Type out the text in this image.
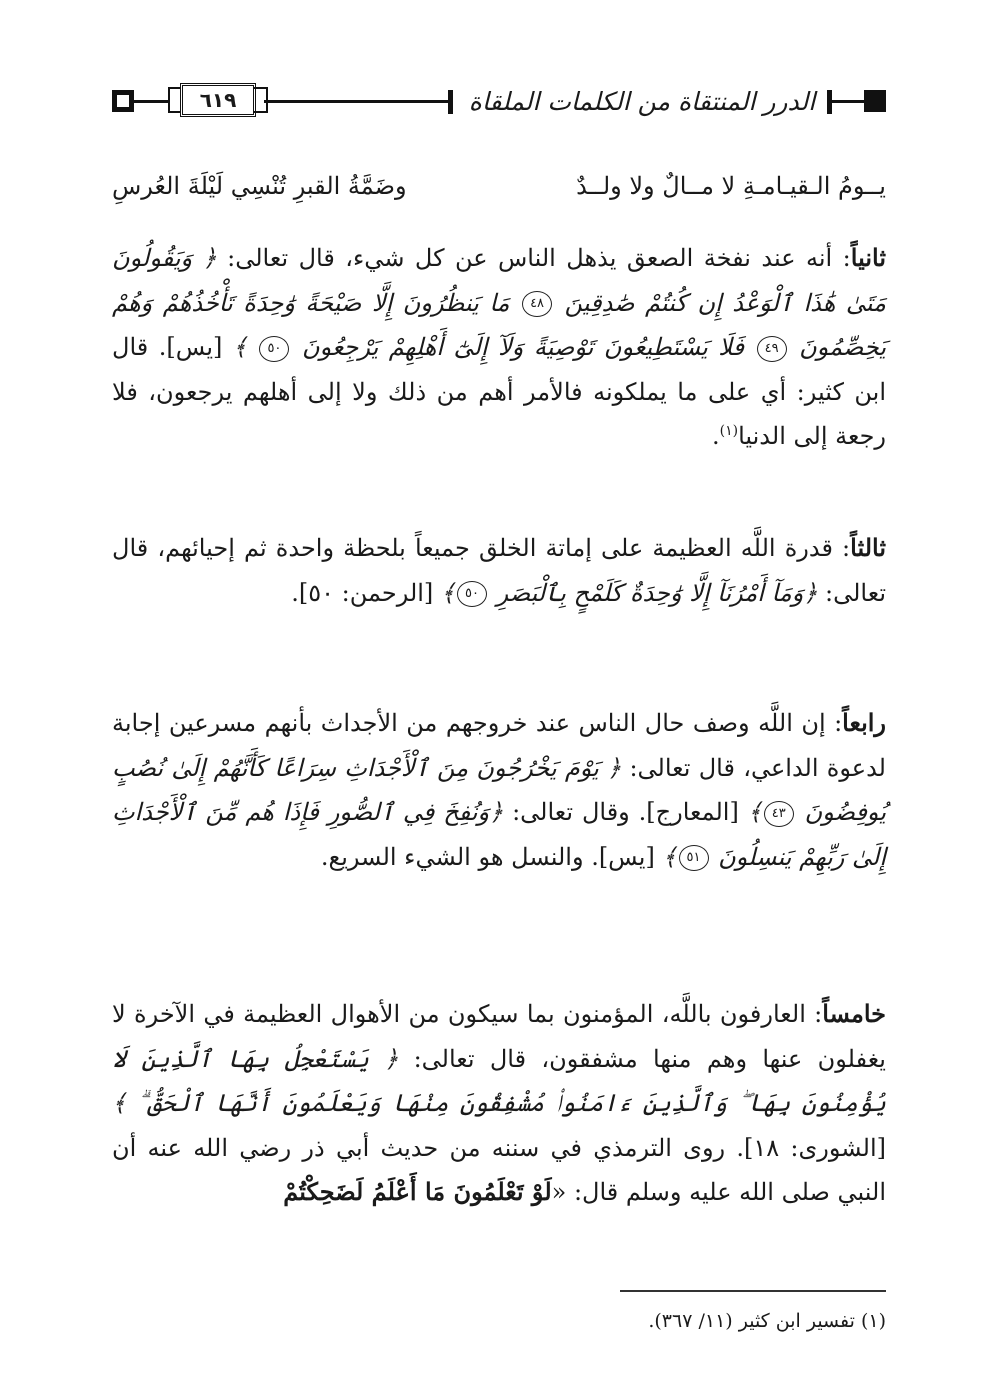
٦١٩	الدرر المنتقاة من الكلمات الملقاة
يــومُ الـقيـامـةِ لا مــالٌ ولا ولــدٌ
وضَمَّةُ القبرِ تُنْسِي لَيْلَةَ العُرسِ

ثانياً: أنه عند نفخة الصعق يذهل الناس عن كل شيء، قال تعالى: ﴿ وَيَقُولُونَ مَتَىٰ هَٰذَا ٱلْوَعْدُ إِن كُنتُمْ صَٰدِقِينَ ٤٨ مَا يَنظُرُونَ إِلَّا صَيْحَةً وَٰحِدَةً تَأْخُذُهُمْ وَهُمْ يَخِصِّمُونَ ٤٩ فَلَا يَسْتَطِيعُونَ تَوْصِيَةً وَلَآ إِلَىٰٓ أَهْلِهِمْ يَرْجِعُونَ ٥٠ ﴾ [يس]. قال ابن كثير: أي على ما يملكونه فالأمر أهم من ذلك ولا إلى أهلهم يرجعون، فلا رجعة إلى الدنيا$^{(١)}$.

ثالثاً: قدرة اللَّه العظيمة على إماتة الخلق جميعاً بلحظة واحدة ثم إحيائهم، قال تعالى: ﴿وَمَآ أَمْرُنَآ إِلَّا وَٰحِدَةٌ كَلَمْحٍ بِٱلْبَصَرِ ٥٠﴾ [الرحمن: ٥٠].

رابعاً: إن اللَّه وصف حال الناس عند خروجهم من الأجداث بأنهم مسرعين إجابة لدعوة الداعي، قال تعالى: ﴿ يَوْمَ يَخْرُجُونَ مِنَ ٱلْأَجْدَاثِ سِرَاعًا كَأَنَّهُمْ إِلَىٰ نُصُبٍ يُوفِضُونَ ٤٣﴾ [المعارج]. وقال تعالى: ﴿وَنُفِخَ فِي ٱلصُّورِ فَإِذَا هُم مِّنَ ٱلْأَجْدَاثِ إِلَىٰ رَبِّهِمْ يَنسِلُونَ ٥١﴾ [يس]. والنسل هو الشيء السريع.

خامساً: العارفون باللَّه، المؤمنون بما سيكون من الأهوال العظيمة في الآخرة لا يغفلون عنها وهم منها مشفقون، قال تعالى: ﴿ يَسْتَعْجِلُ بِهَا ٱلَّذِينَ لَا يُؤْمِنُونَ بِهَا ۖ وَٱلَّذِينَ ءَامَنُوا۟ مُشْفِقُونَ مِنْهَا وَيَعْلَمُونَ أَنَّهَا ٱلْحَقُّ ۗ ﴾ [الشورى: ١٨]. روى الترمذي في سننه من حديث أبي ذر رضي الله عنه أن النبي صلى الله عليه وسلم قال: «لَوْ تَعْلَمُونَ مَا أَعْلَمُ لَضَحِكْتُمْ

(١) تفسير ابن كثير (١١/ ٣٦٧).
